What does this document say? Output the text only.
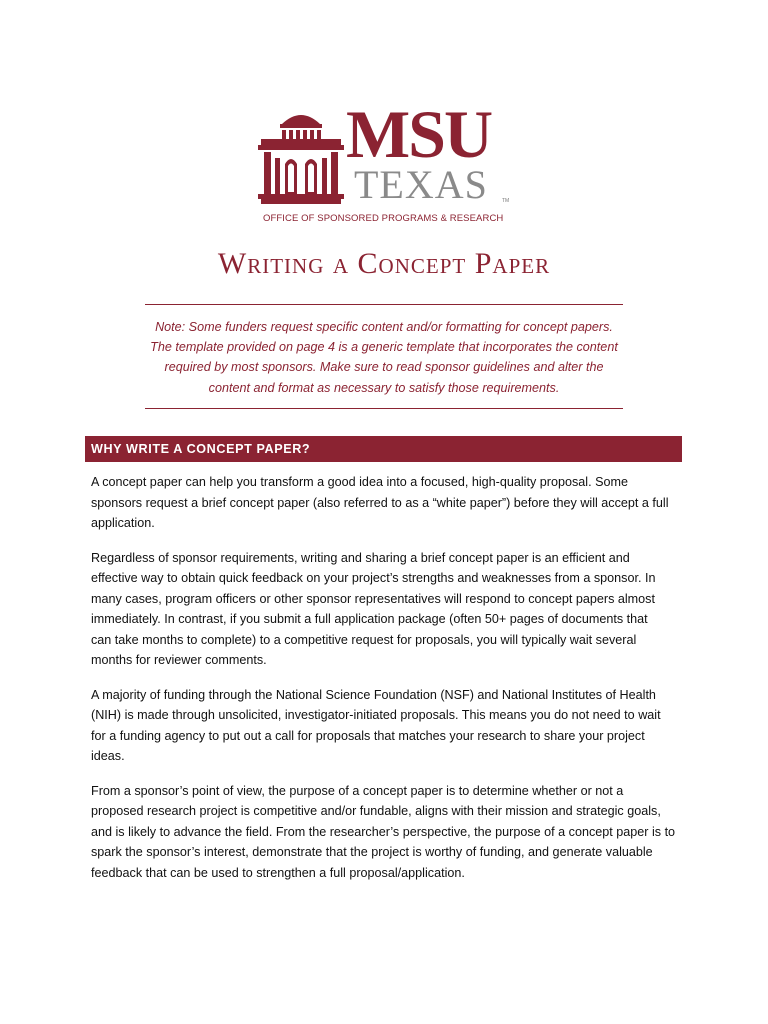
MSU
TEXAS	TM
OFFICE OF SPONSORED PROGRAMS & RESEARCH
Writing a Concept Paper
Note: Some funders request specific content and/or formatting for concept papers.
The template provided on page 4 is a generic template that incorporates the content
required by most sponsors. Make sure to read sponsor guidelines and alter the
content and format as necessary to satisfy those requirements.
WHY WRITE A CONCEPT PAPER?

A concept paper can help you transform a good idea into a focused, high-quality proposal. Some
sponsors request a brief concept paper (also referred to as a “white paper”) before they will accept a full
application.

Regardless of sponsor requirements, writing and sharing a brief concept paper is an efficient and
effective way to obtain quick feedback on your project’s strengths and weaknesses from a sponsor. In
many cases, program officers or other sponsor representatives will respond to concept papers almost
immediately. In contrast, if you submit a full application package (often 50+ pages of documents that
can take months to complete) to a competitive request for proposals, you will typically wait several
months for reviewer comments.

A majority of funding through the National Science Foundation (NSF) and National Institutes of Health
(NIH) is made through unsolicited, investigator-initiated proposals. This means you do not need to wait
for a funding agency to put out a call for proposals that matches your research to share your project
ideas.

From a sponsor’s point of view, the purpose of a concept paper is to determine whether or not a
proposed research project is competitive and/or fundable, aligns with their mission and strategic goals,
and is likely to advance the field. From the researcher’s perspective, the purpose of a concept paper is to
spark the sponsor’s interest, demonstrate that the project is worthy of funding, and generate valuable
feedback that can be used to strengthen a full proposal/application.
